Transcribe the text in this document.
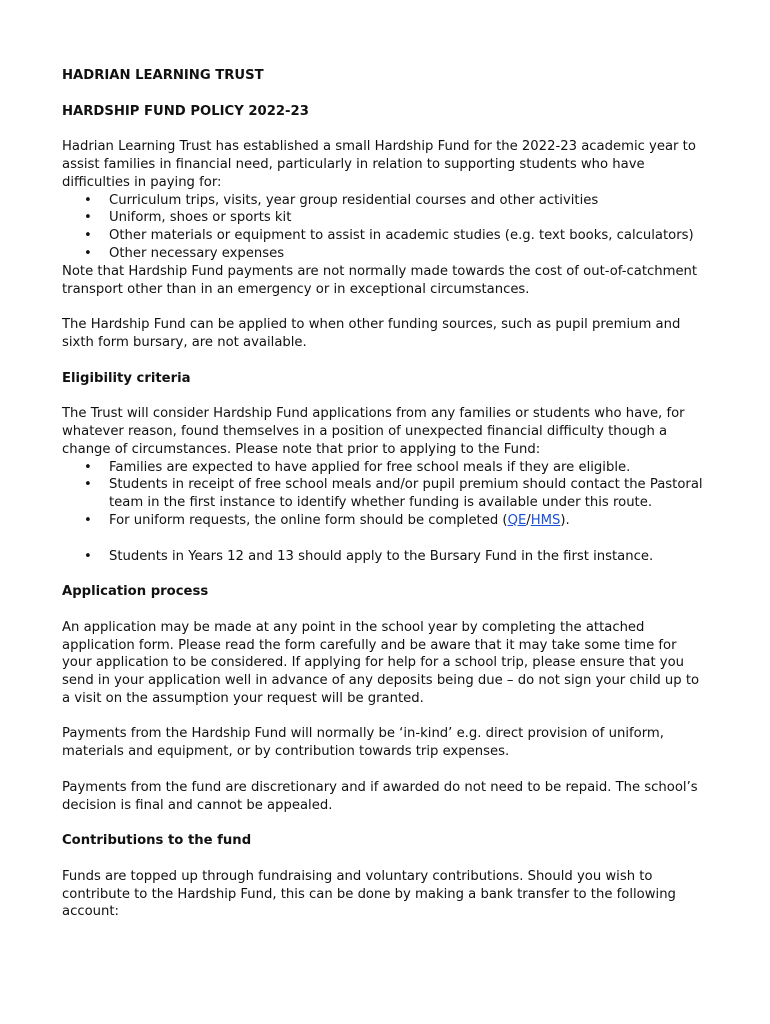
HADRIAN LEARNING TRUST

HARDSHIP FUND POLICY 2022-23

Hadrian Learning Trust has established a small Hardship Fund for the 2022-23 academic year to assist families in financial need, particularly in relation to supporting students who have difficulties in paying for:

• Curriculum trips, visits, year group residential courses and other activities
• Uniform, shoes or sports kit
• Other materials or equipment to assist in academic studies (e.g. text books, calculators)
• Other necessary expenses

Note that Hardship Fund payments are not normally made towards the cost of out-of-catchment transport other than in an emergency or in exceptional circumstances.

The Hardship Fund can be applied to when other funding sources, such as pupil premium and sixth form bursary, are not available.

Eligibility criteria

The Trust will consider Hardship Fund applications from any families or students who have, for whatever reason, found themselves in a position of unexpected financial difficulty though a change of circumstances. Please note that prior to applying to the Fund:

• Families are expected to have applied for free school meals if they are eligible.
• Students in receipt of free school meals and/or pupil premium should contact the Pastoral team in the first instance to identify whether funding is available under this route.
• For uniform requests, the online form should be completed (QE/HMS).
• Students in Years 12 and 13 should apply to the Bursary Fund in the first instance.

Application process

An application may be made at any point in the school year by completing the attached application form. Please read the form carefully and be aware that it may take some time for your application to be considered. If applying for help for a school trip, please ensure that you send in your application well in advance of any deposits being due – do not sign your child up to a visit on the assumption your request will be granted.

Payments from the Hardship Fund will normally be ‘in-kind’ e.g. direct provision of uniform, materials and equipment, or by contribution towards trip expenses.

Payments from the fund are discretionary and if awarded do not need to be repaid. The school’s decision is final and cannot be appealed.

Contributions to the fund

Funds are topped up through fundraising and voluntary contributions. Should you wish to contribute to the Hardship Fund, this can be done by making a bank transfer to the following account:
